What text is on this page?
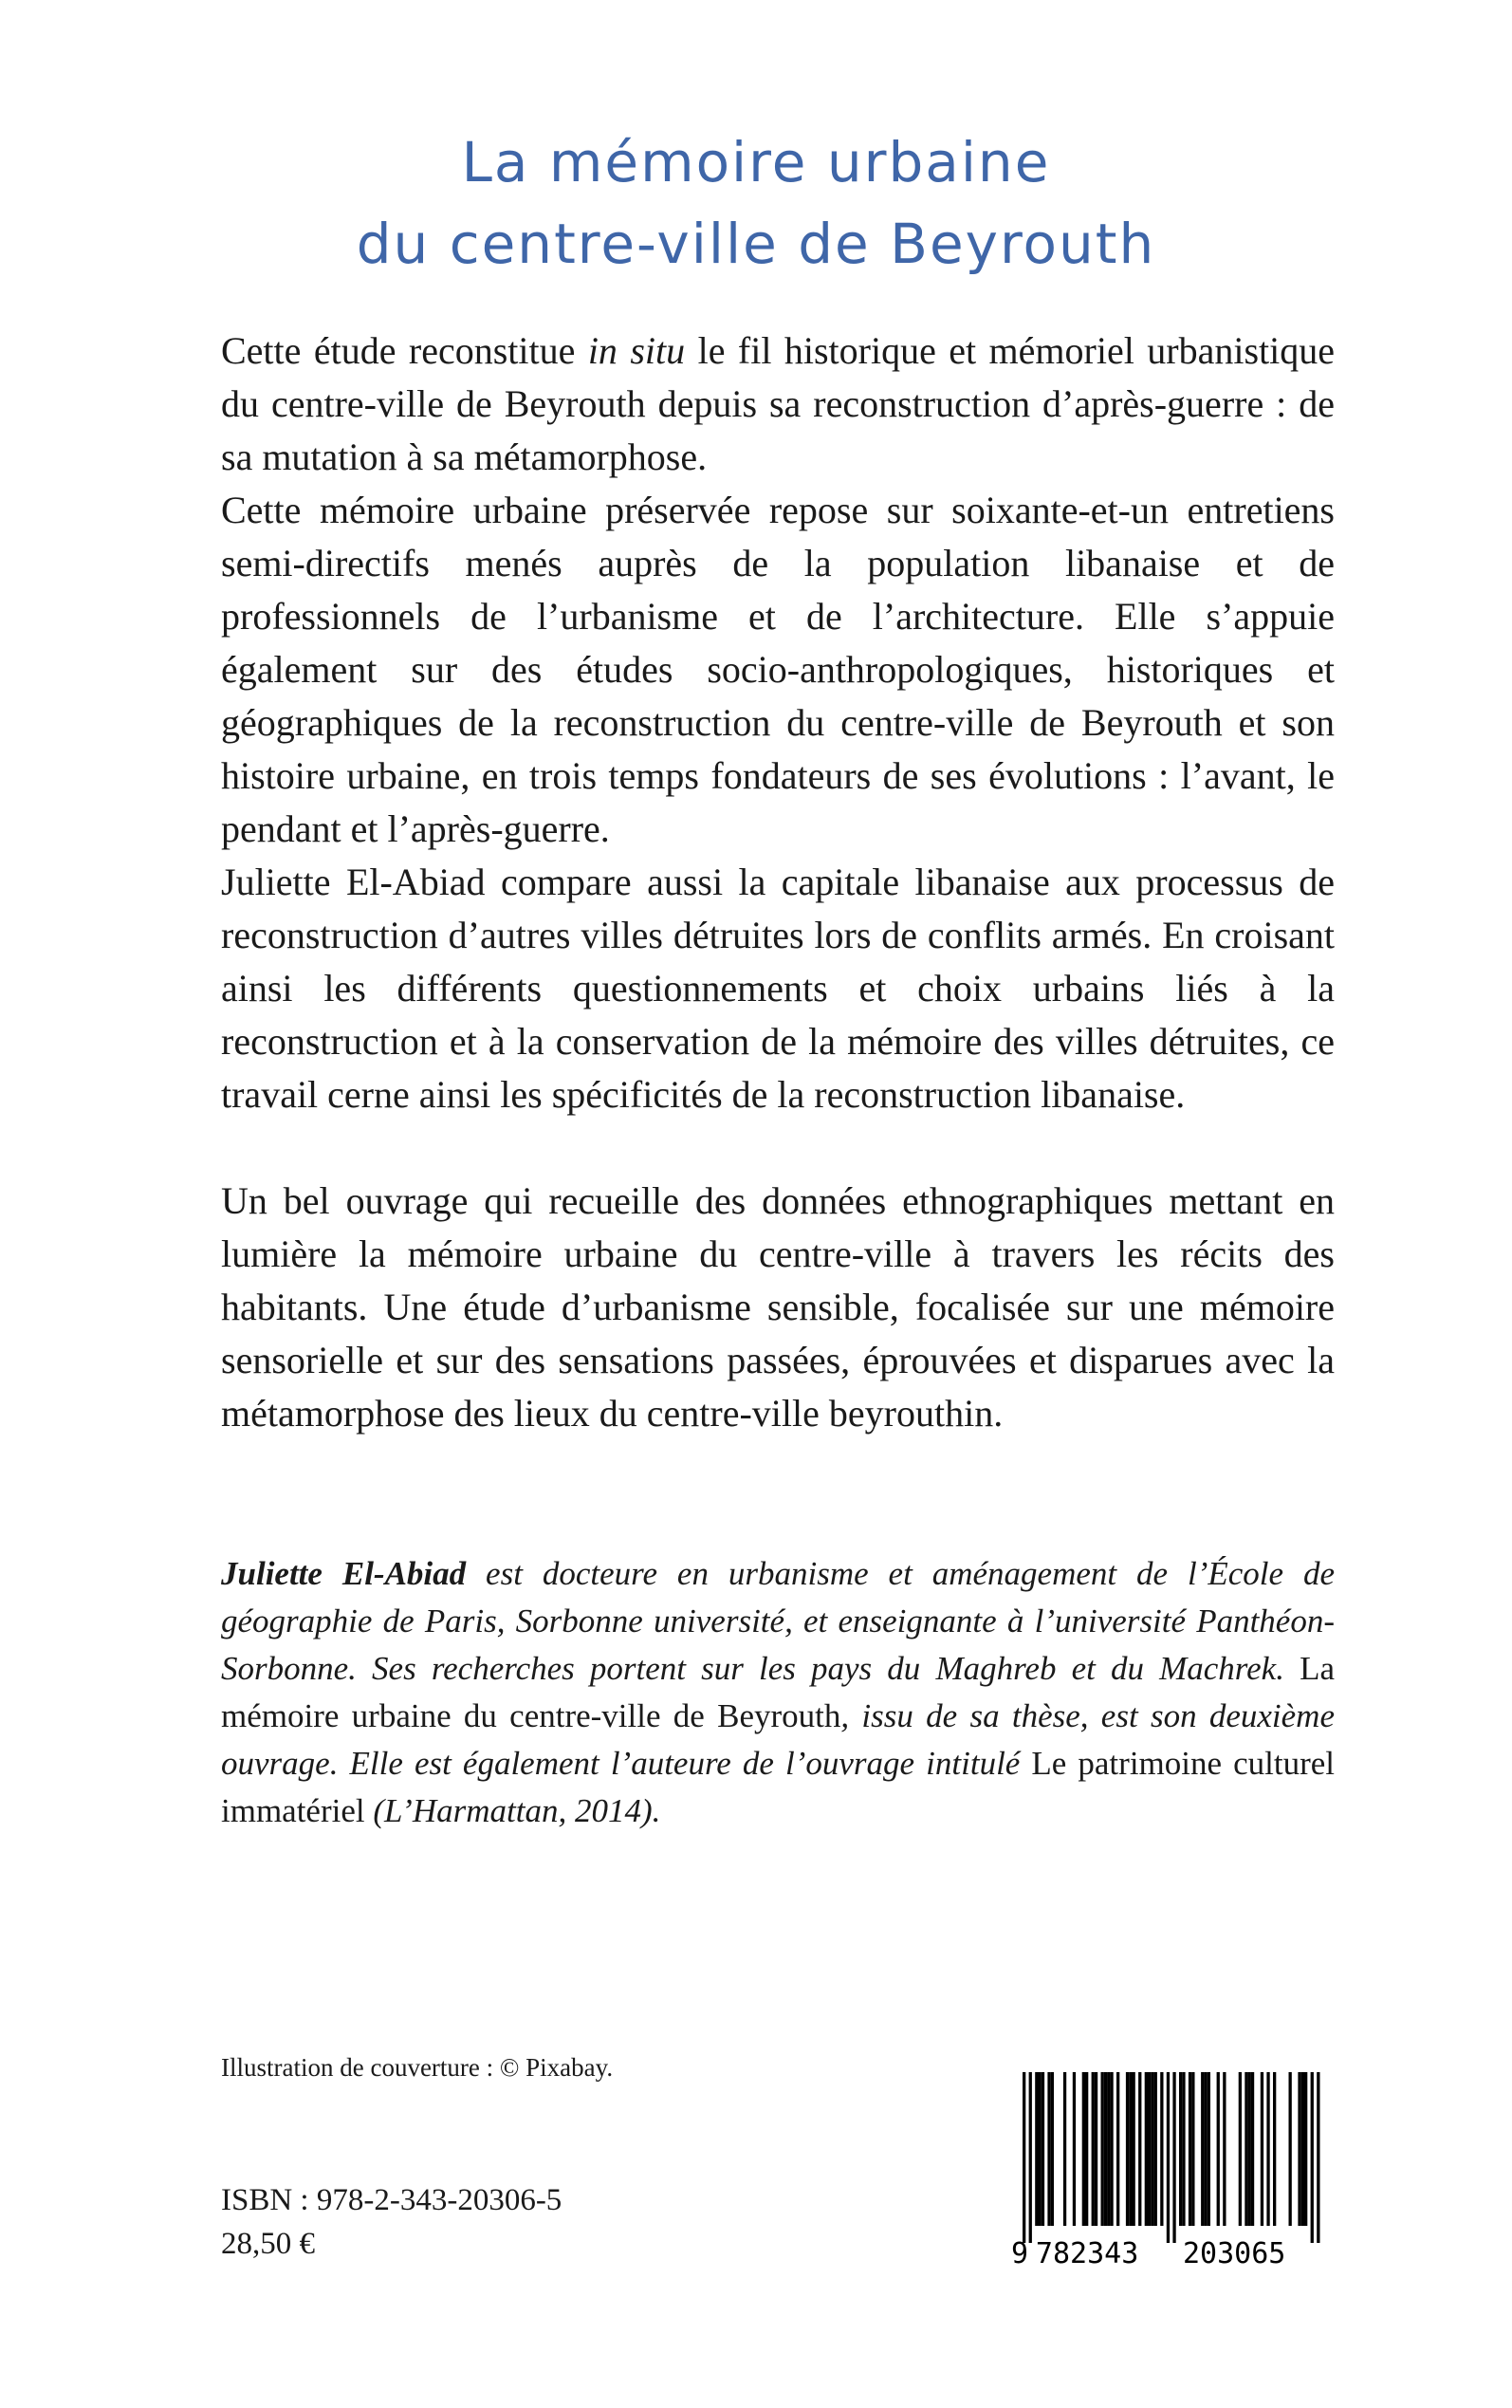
La mémoire urbaine
du centre-ville de Beyrouth

Cette étude reconstitue in situ le fil historique et mémoriel urbanistique du centre-ville de Beyrouth depuis sa reconstruction d’après-guerre : de sa mutation à sa métamorphose.

Cette mémoire urbaine préservée repose sur soixante-et-un entretiens semi-directifs menés auprès de la population libanaise et de professionnels de l’urbanisme et de l’architecture. Elle s’appuie également sur des études socio-anthropologiques, historiques et géographiques de la reconstruction du centre-ville de Beyrouth et son histoire urbaine, en trois temps fondateurs de ses évolutions : l’avant, le pendant et l’après-guerre.

Juliette El-Abiad compare aussi la capitale libanaise aux processus de reconstruction d’autres villes détruites lors de conflits armés. En croisant ainsi les différents questionnements et choix urbains liés à la reconstruction et à la conservation de la mémoire des villes détruites, ce travail cerne ainsi les spécificités de la reconstruction libanaise.

Un bel ouvrage qui recueille des données ethnographiques mettant en lumière la mémoire urbaine du centre-ville à travers les récits des habitants. Une étude d’urbanisme sensible, focalisée sur une mémoire sensorielle et sur des sensations passées, éprouvées et disparues avec la métamorphose des lieux du centre-ville beyrouthin.

Juliette El-Abiad est docteure en urbanisme et aménagement de l’École de géographie de Paris, Sorbonne université, et enseignante à l’université Panthéon-Sorbonne. Ses recherches portent sur les pays du Maghreb et du Machrek. La mémoire urbaine du centre-ville de Beyrouth, issu de sa thèse, est son deuxième ouvrage. Elle est également l’auteure de l’ouvrage intitulé Le patrimoine culturel immatériel (L’Harmattan, 2014).

Illustration de couverture : © Pixabay.
ISBN : 978-2-343-20306-5
28,50 €	9 782343 203065
